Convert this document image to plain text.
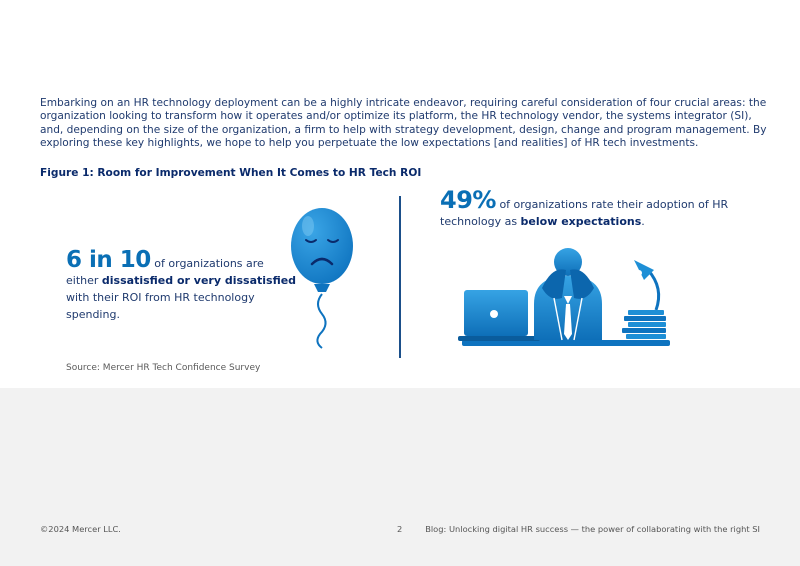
Embarking on an HR technology deployment can be a highly intricate endeavor, requiring careful consideration of four crucial areas: the organization looking to transform how it operates and/or optimize its platform, the HR technology vendor, the systems integrator (SI), and, depending on the size of the organization, a firm to help with strategy development, design, change and program management. By exploring these key highlights, we hope to help you perpetuate the low expectations [and realities] of HR tech investments.

Figure 1: Room for Improvement When It Comes to HR Tech ROI
6 in 10 of organizations are either dissatisfied or very dissatisfied with their ROI from HR technology spending.
49% of organizations rate their adoption of HR technology as below expectations.
Source: Mercer HR Tech Confidence Survey
©2024 Mercer LLC.	2	Blog: Unlocking digital HR success — the power of collaborating with the right SI
